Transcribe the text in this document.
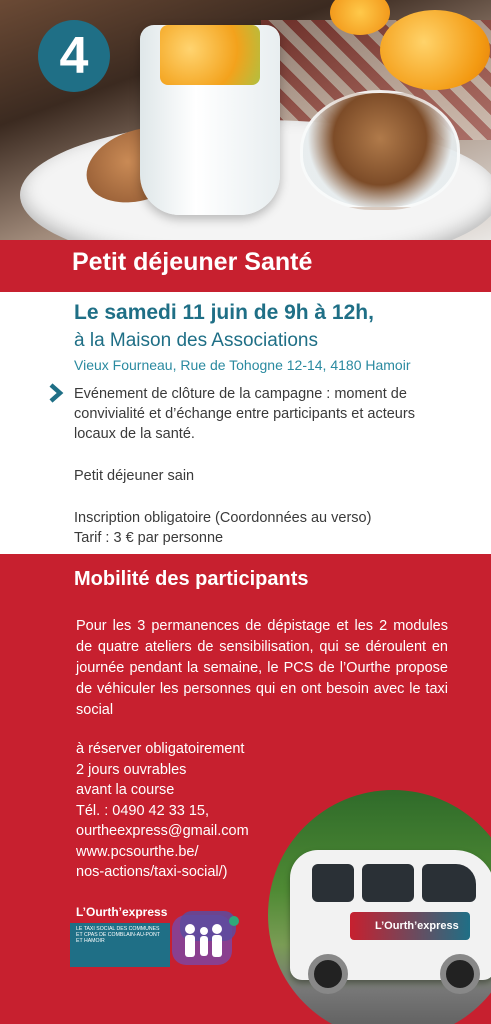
4
Petit déjeuner Santé
Le samedi 11 juin de 9h à 12h,
à la Maison des Associations
Vieux Fourneau, Rue de Tohogne 12-14, 4180 Hamoir
Evénement de clôture de la campagne : moment de
convivialité et d’échange entre participants et acteurs
locaux de la santé.
Petit déjeuner sain
Inscription obligatoire (Coordonnées au verso)
Tarif : 3 € par personne
Mobilité des participants
Pour les 3 permanences de dépistage et les 2 modules de quatre ateliers de sensibilisation, qui se déroulent en journée pendant la semaine, le PCS de l’Ourthe propose de véhiculer les personnes qui en ont besoin avec le taxi social
à réserver obligatoirement
2 jours ouvrables
avant la course
Tél. : 0490 42 33 15,
ourtheexpress@gmail.com
www.pcsourthe.be/
nos-actions/taxi-social/)
L’Ourth’express
L’Ourth’express
LE TAXI SOCIAL DES COMMUNES ET CPAS DE COMBLAIN-AU-PONT ET HAMOIR
